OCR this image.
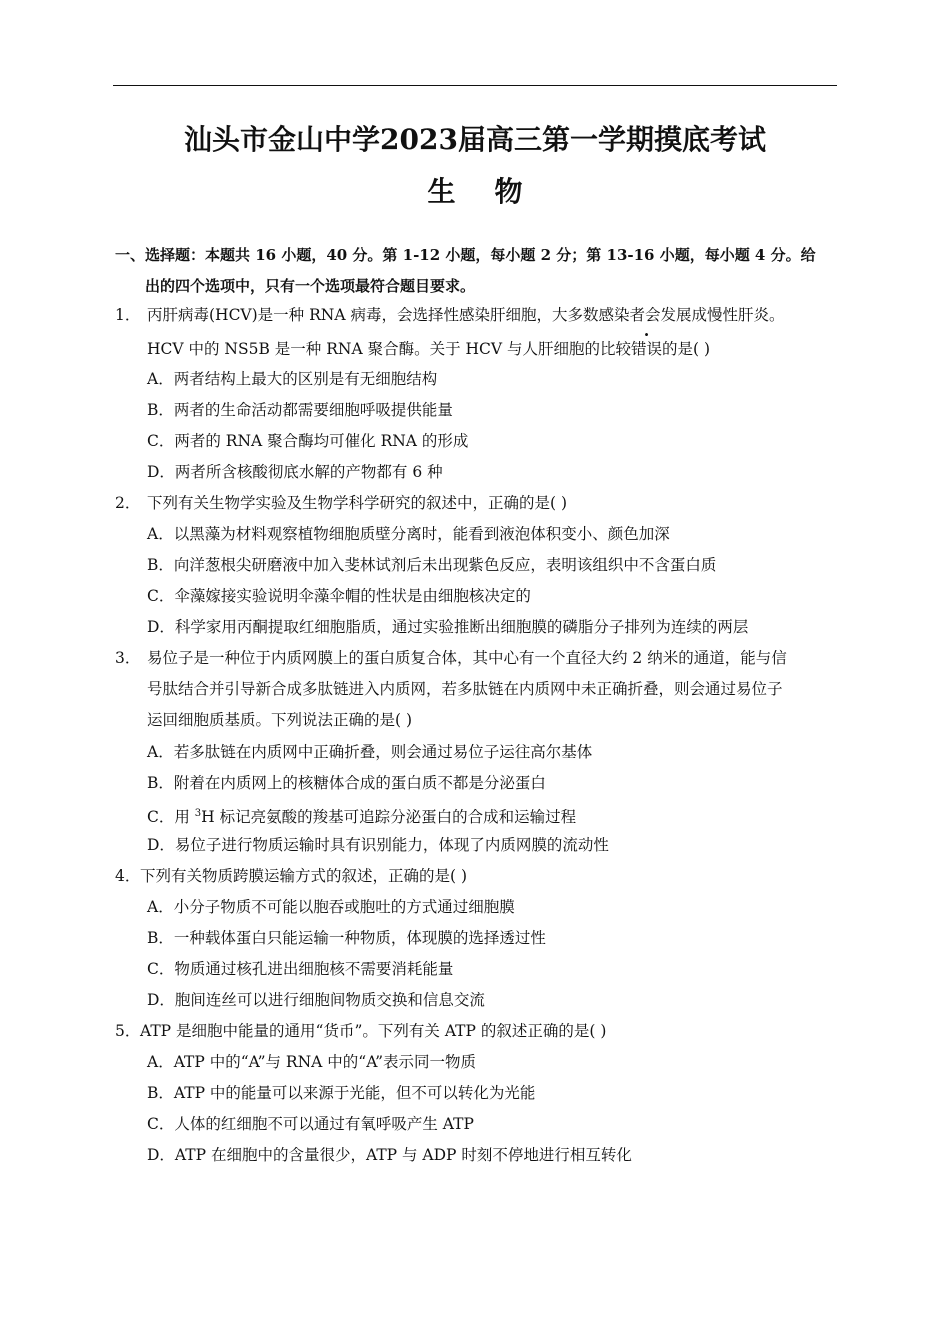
汕头市金山中学2023届高三第一学期摸底考试
生    物
一、选择题：本题共 16 小题，40 分。第 1-12 小题，每小题 2 分；第 13-16 小题，每小题 4 分。给
出的四个选项中，只有一个选项最符合题目要求。
1． 丙肝病毒(HCV)是一种 RNA 病毒，会选择性感染肝细胞，大多数感染者会发展成慢性肝炎。
HCV 中的 NS5B 是一种 RNA 聚合酶。关于 HCV 与人肝细胞的比较错误的是( )
A．两者结构上最大的区别是有无细胞结构
B．两者的生命活动都需要细胞呼吸提供能量
C．两者的 RNA 聚合酶均可催化 RNA 的形成
D．两者所含核酸彻底水解的产物都有 6 种
2． 下列有关生物学实验及生物学科学研究的叙述中，正确的是( )
A．以黑藻为材料观察植物细胞质壁分离时，能看到液泡体积变小、颜色加深
B．向洋葱根尖研磨液中加入斐林试剂后未出现紫色反应，表明该组织中不含蛋白质
C．伞藻嫁接实验说明伞藻伞帽的性状是由细胞核决定的
D．科学家用丙酮提取红细胞脂质，通过实验推断出细胞膜的磷脂分子排列为连续的两层
3． 易位子是一种位于内质网膜上的蛋白质复合体，其中心有一个直径大约 2 纳米的通道，能与信
号肽结合并引导新合成多肽链进入内质网，若多肽链在内质网中未正确折叠，则会通过易位子
运回细胞质基质。下列说法正确的是( )
A．若多肽链在内质网中正确折叠，则会通过易位子运往高尔基体
B．附着在内质网上的核糖体合成的蛋白质不都是分泌蛋白
C．用 $^3$H 标记亮氨酸的羧基可追踪分泌蛋白的合成和运输过程
D．易位子进行物质运输时具有识别能力，体现了内质网膜的流动性
4． 下列有关物质跨膜运输方式的叙述，正确的是( )
A．小分子物质不可能以胞吞或胞吐的方式通过细胞膜
B．一种载体蛋白只能运输一种物质，体现膜的选择透过性
C．物质通过核孔进出细胞核不需要消耗能量
D．胞间连丝可以进行细胞间物质交换和信息交流
5． ATP 是细胞中能量的通用“货币”。下列有关 ATP 的叙述正确的是( )
A．ATP 中的“A”与 RNA 中的“A”表示同一物质
B．ATP 中的能量可以来源于光能，但不可以转化为光能
C．人体的红细胞不可以通过有氧呼吸产生 ATP
D．ATP 在细胞中的含量很少，ATP 与 ADP 时刻不停地进行相互转化
